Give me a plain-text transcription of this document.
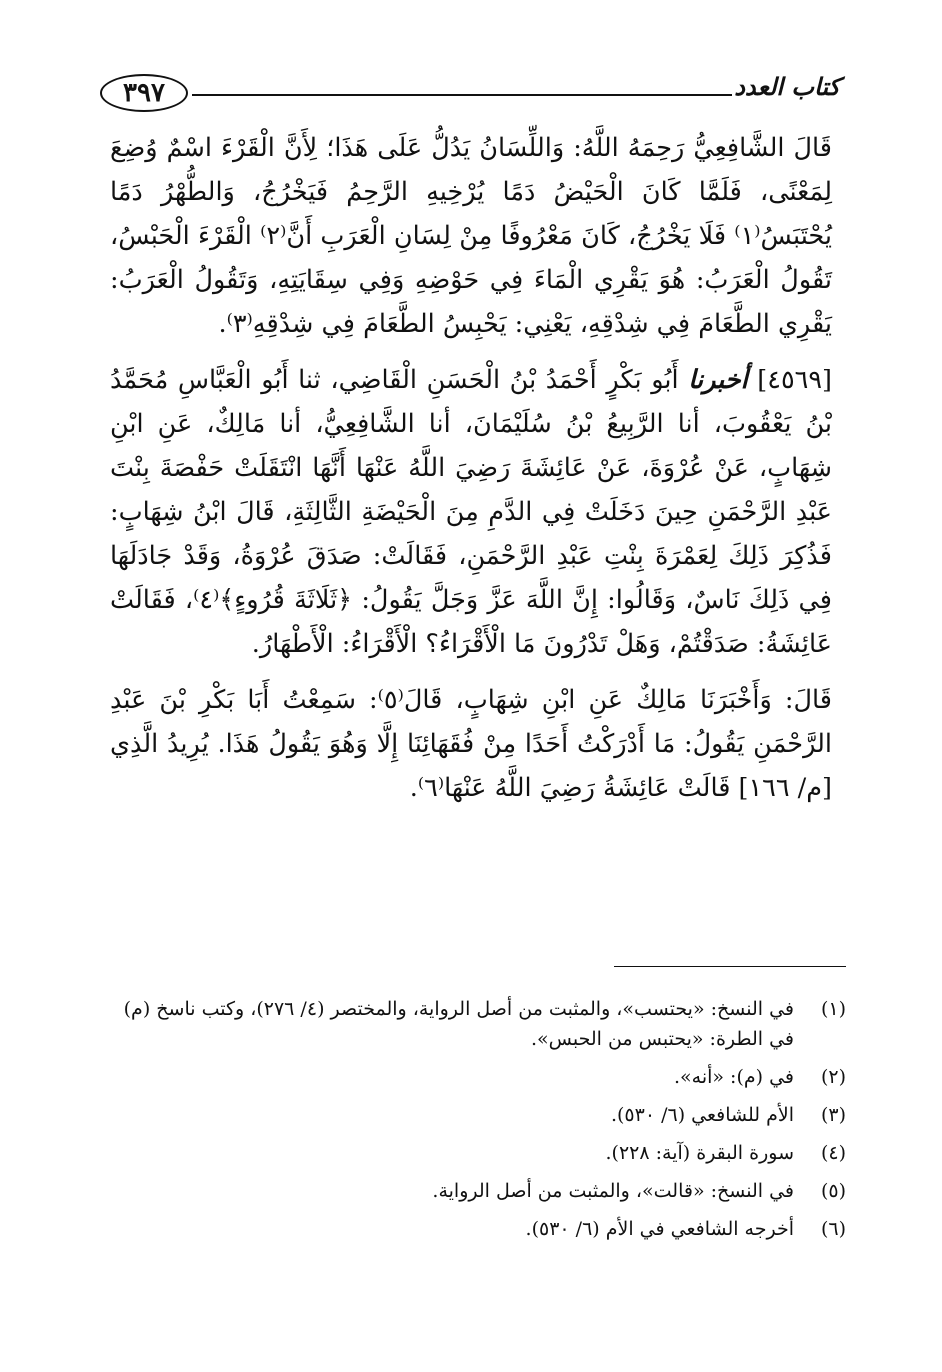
٣٩٧	كتاب العدد

قَالَ الشَّافِعِيُّ رَحِمَهُ اللَّهُ: وَاللِّسَانُ يَدُلُّ عَلَى هَذَا؛ لِأَنَّ الْقَرْءَ اسْمٌ وُضِعَ لِمَعْنًى، فَلَمَّا كَانَ الْحَيْضُ دَمًا يُرْخِيهِ الرَّحِمُ فَيَخْرُجُ، وَالطُّهْرُ دَمًا يُحْتَبَسُ⁽١⁾ فَلَا يَخْرُجُ، كَانَ مَعْرُوفًا مِنْ لِسَانِ الْعَرَبِ أَنَّ⁽٢⁾ الْقَرْءَ الْحَبْسُ، تَقُولُ الْعَرَبُ: هُوَ يَقْرِي الْمَاءَ فِي حَوْضِهِ وَفِي سِقَايَتِهِ، وَتَقُولُ الْعَرَبُ: يَقْرِي الطَّعَامَ فِي شِدْقِهِ، يَعْنِي: يَحْبِسُ الطَّعَامَ فِي شِدْقِهِ⁽٣⁾.

[٤٥٦٩] أخبرنا أَبُو بَكْرٍ أَحْمَدُ بْنُ الْحَسَنِ الْقَاضِي، ثنا أَبُو الْعَبَّاسِ مُحَمَّدُ بْنُ يَعْقُوبَ، أنا الرَّبِيعُ بْنُ سُلَيْمَانَ، أنا الشَّافِعِيُّ، أنا مَالِكٌ، عَنِ ابْنِ شِهَابٍ، عَنْ عُرْوَةَ، عَنْ عَائِشَةَ رَضِيَ اللَّهُ عَنْهَا أَنَّهَا انْتَقَلَتْ حَفْصَةَ بِنْتَ عَبْدِ الرَّحْمَنِ حِينَ دَخَلَتْ فِي الدَّمِ مِنَ الْحَيْضَةِ الثَّالِثَةِ، قَالَ ابْنُ شِهَابٍ: فَذُكِرَ ذَلِكَ لِعَمْرَةَ بِنْتِ عَبْدِ الرَّحْمَنِ، فَقَالَتْ: صَدَقَ عُرْوَةُ، وَقَدْ جَادَلَهَا فِي ذَلِكَ نَاسٌ، وَقَالُوا: إِنَّ اللَّهَ عَزَّ وَجَلَّ يَقُولُ: ﴿ثَلَاثَةَ قُرُوءٍ﴾⁽٤⁾، فَقَالَتْ عَائِشَةُ: صَدَقْتُمْ، وَهَلْ تَدْرُونَ مَا الْأَقْرَاءُ؟ الْأَقْرَاءُ: الْأَطْهَارُ.

قَالَ: وَأَخْبَرَنَا مَالِكٌ عَنِ ابْنِ شِهَابٍ، قَالَ⁽٥⁾: سَمِعْتُ أَبَا بَكْرِ بْنَ عَبْدِ الرَّحْمَنِ يَقُولُ: مَا أَدْرَكْتُ أَحَدًا مِنْ فُقَهَائِنَا إِلَّا وَهُوَ يَقُولُ هَذَا. يُرِيدُ الَّذِي [م/ ١٦٦] قَالَتْ عَائِشَةُ رَضِيَ اللَّهُ عَنْهَا⁽٦⁾.

(١)
في النسخ: «يحتسب»، والمثبت من أصل الرواية، والمختصر (٤/ ٢٧٦)، وكتب ناسخ (م) في الطرة: «يحتبس من الحبس».
(٢)
في (م): «أنه».
(٣)
الأم للشافعي (٦/ ٥٣٠).
(٤)
سورة البقرة (آية: ٢٢٨).
(٥)
في النسخ: «قالت»، والمثبت من أصل الرواية.
(٦)
أخرجه الشافعي في الأم (٦/ ٥٣٠).
